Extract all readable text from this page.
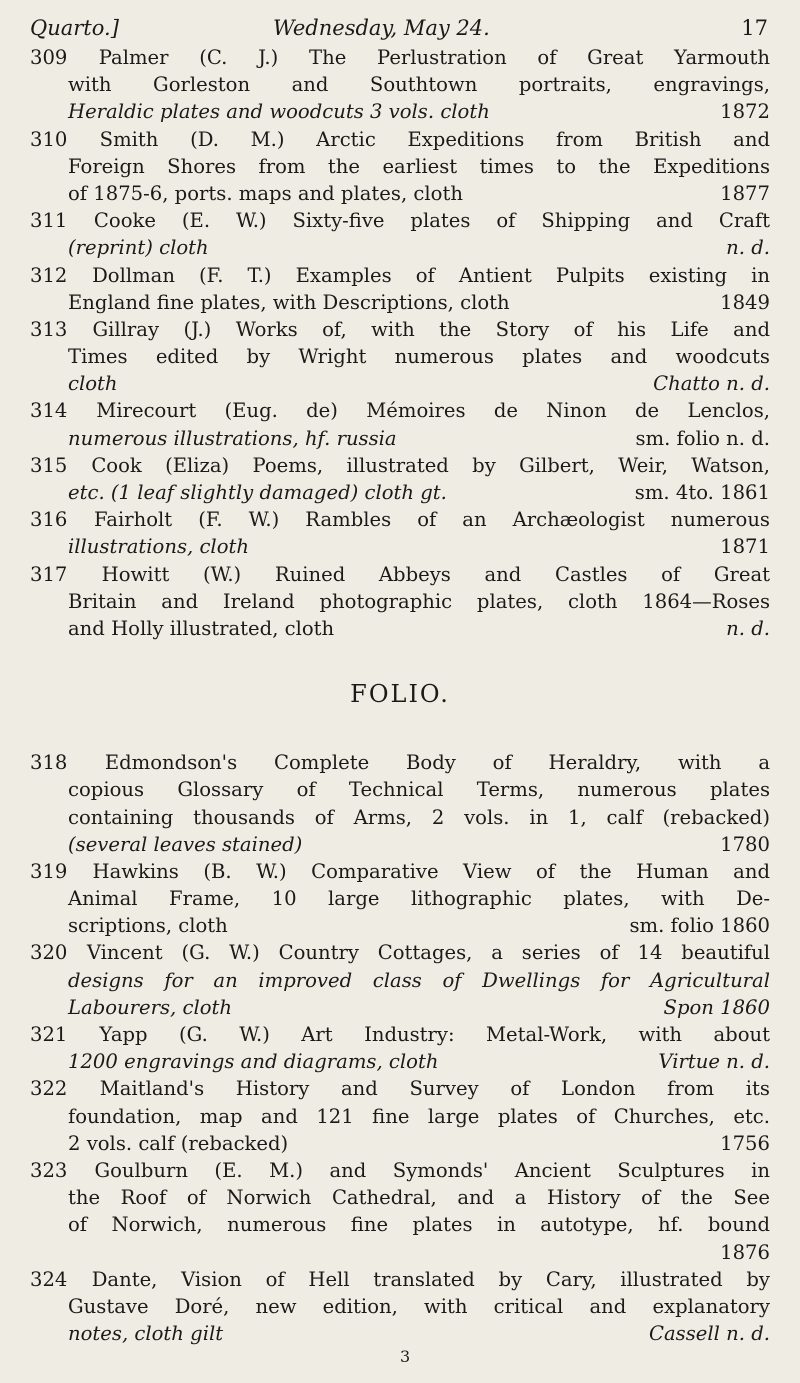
Quarto.]	Wednesday, May 24.	17
309 Palmer (C. J.) The Perlustration of Great Yarmouth
with Gorleston and Southtown portraits, engravings,
Heraldic plates and woodcuts 3 vols. cloth	1872
310 Smith (D. M.) Arctic Expeditions from British and
Foreign Shores from the earliest times to the Expeditions
of 1875-6, ports. maps and plates, cloth	1877
311 Cooke (E. W.) Sixty-five plates of Shipping and Craft
(reprint) cloth	n. d.
312 Dollman (F. T.) Examples of Antient Pulpits existing in
England fine plates, with Descriptions, cloth	1849
313 Gillray (J.) Works of, with the Story of his Life and
Times edited by Wright numerous plates and woodcuts
cloth	Chatto n. d.
314 Mirecourt (Eug. de) Mémoires de Ninon de Lenclos,
numerous illustrations, hf. russia	sm. folio n. d.
315 Cook (Eliza) Poems, illustrated by Gilbert, Weir, Watson,
etc. (1 leaf slightly damaged) cloth gt.	sm. 4to. 1861
316 Fairholt (F. W.) Rambles of an Archæologist numerous
illustrations, cloth	1871
317 Howitt (W.) Ruined Abbeys and Castles of Great
Britain and Ireland photographic plates, cloth 1864—Roses
and Holly illustrated, cloth	n. d.
FOLIO.
318 Edmondson's Complete Body of Heraldry, with a
copious Glossary of Technical Terms, numerous plates
containing thousands of Arms, 2 vols. in 1, calf (rebacked)
(several leaves stained)	1780
319 Hawkins (B. W.) Comparative View of the Human and
Animal Frame, 10 large lithographic plates, with De-
scriptions, cloth	sm. folio 1860
320 Vincent (G. W.) Country Cottages, a series of 14 beautiful
designs for an improved class of Dwellings for Agricultural
Labourers, cloth	Spon 1860
321 Yapp (G. W.) Art Industry: Metal-Work, with about
1200 engravings and diagrams, cloth	Virtue n. d.
322 Maitland's History and Survey of London from its
foundation, map and 121 fine large plates of Churches, etc.
2 vols. calf (rebacked)	1756
323 Goulburn (E. M.) and Symonds' Ancient Sculptures in
the Roof of Norwich Cathedral, and a History of the See
of Norwich, numerous fine plates in autotype, hf. bound
1876
324 Dante, Vision of Hell translated by Cary, illustrated by
Gustave Doré, new edition, with critical and explanatory
notes, cloth gilt	Cassell n. d.
3
